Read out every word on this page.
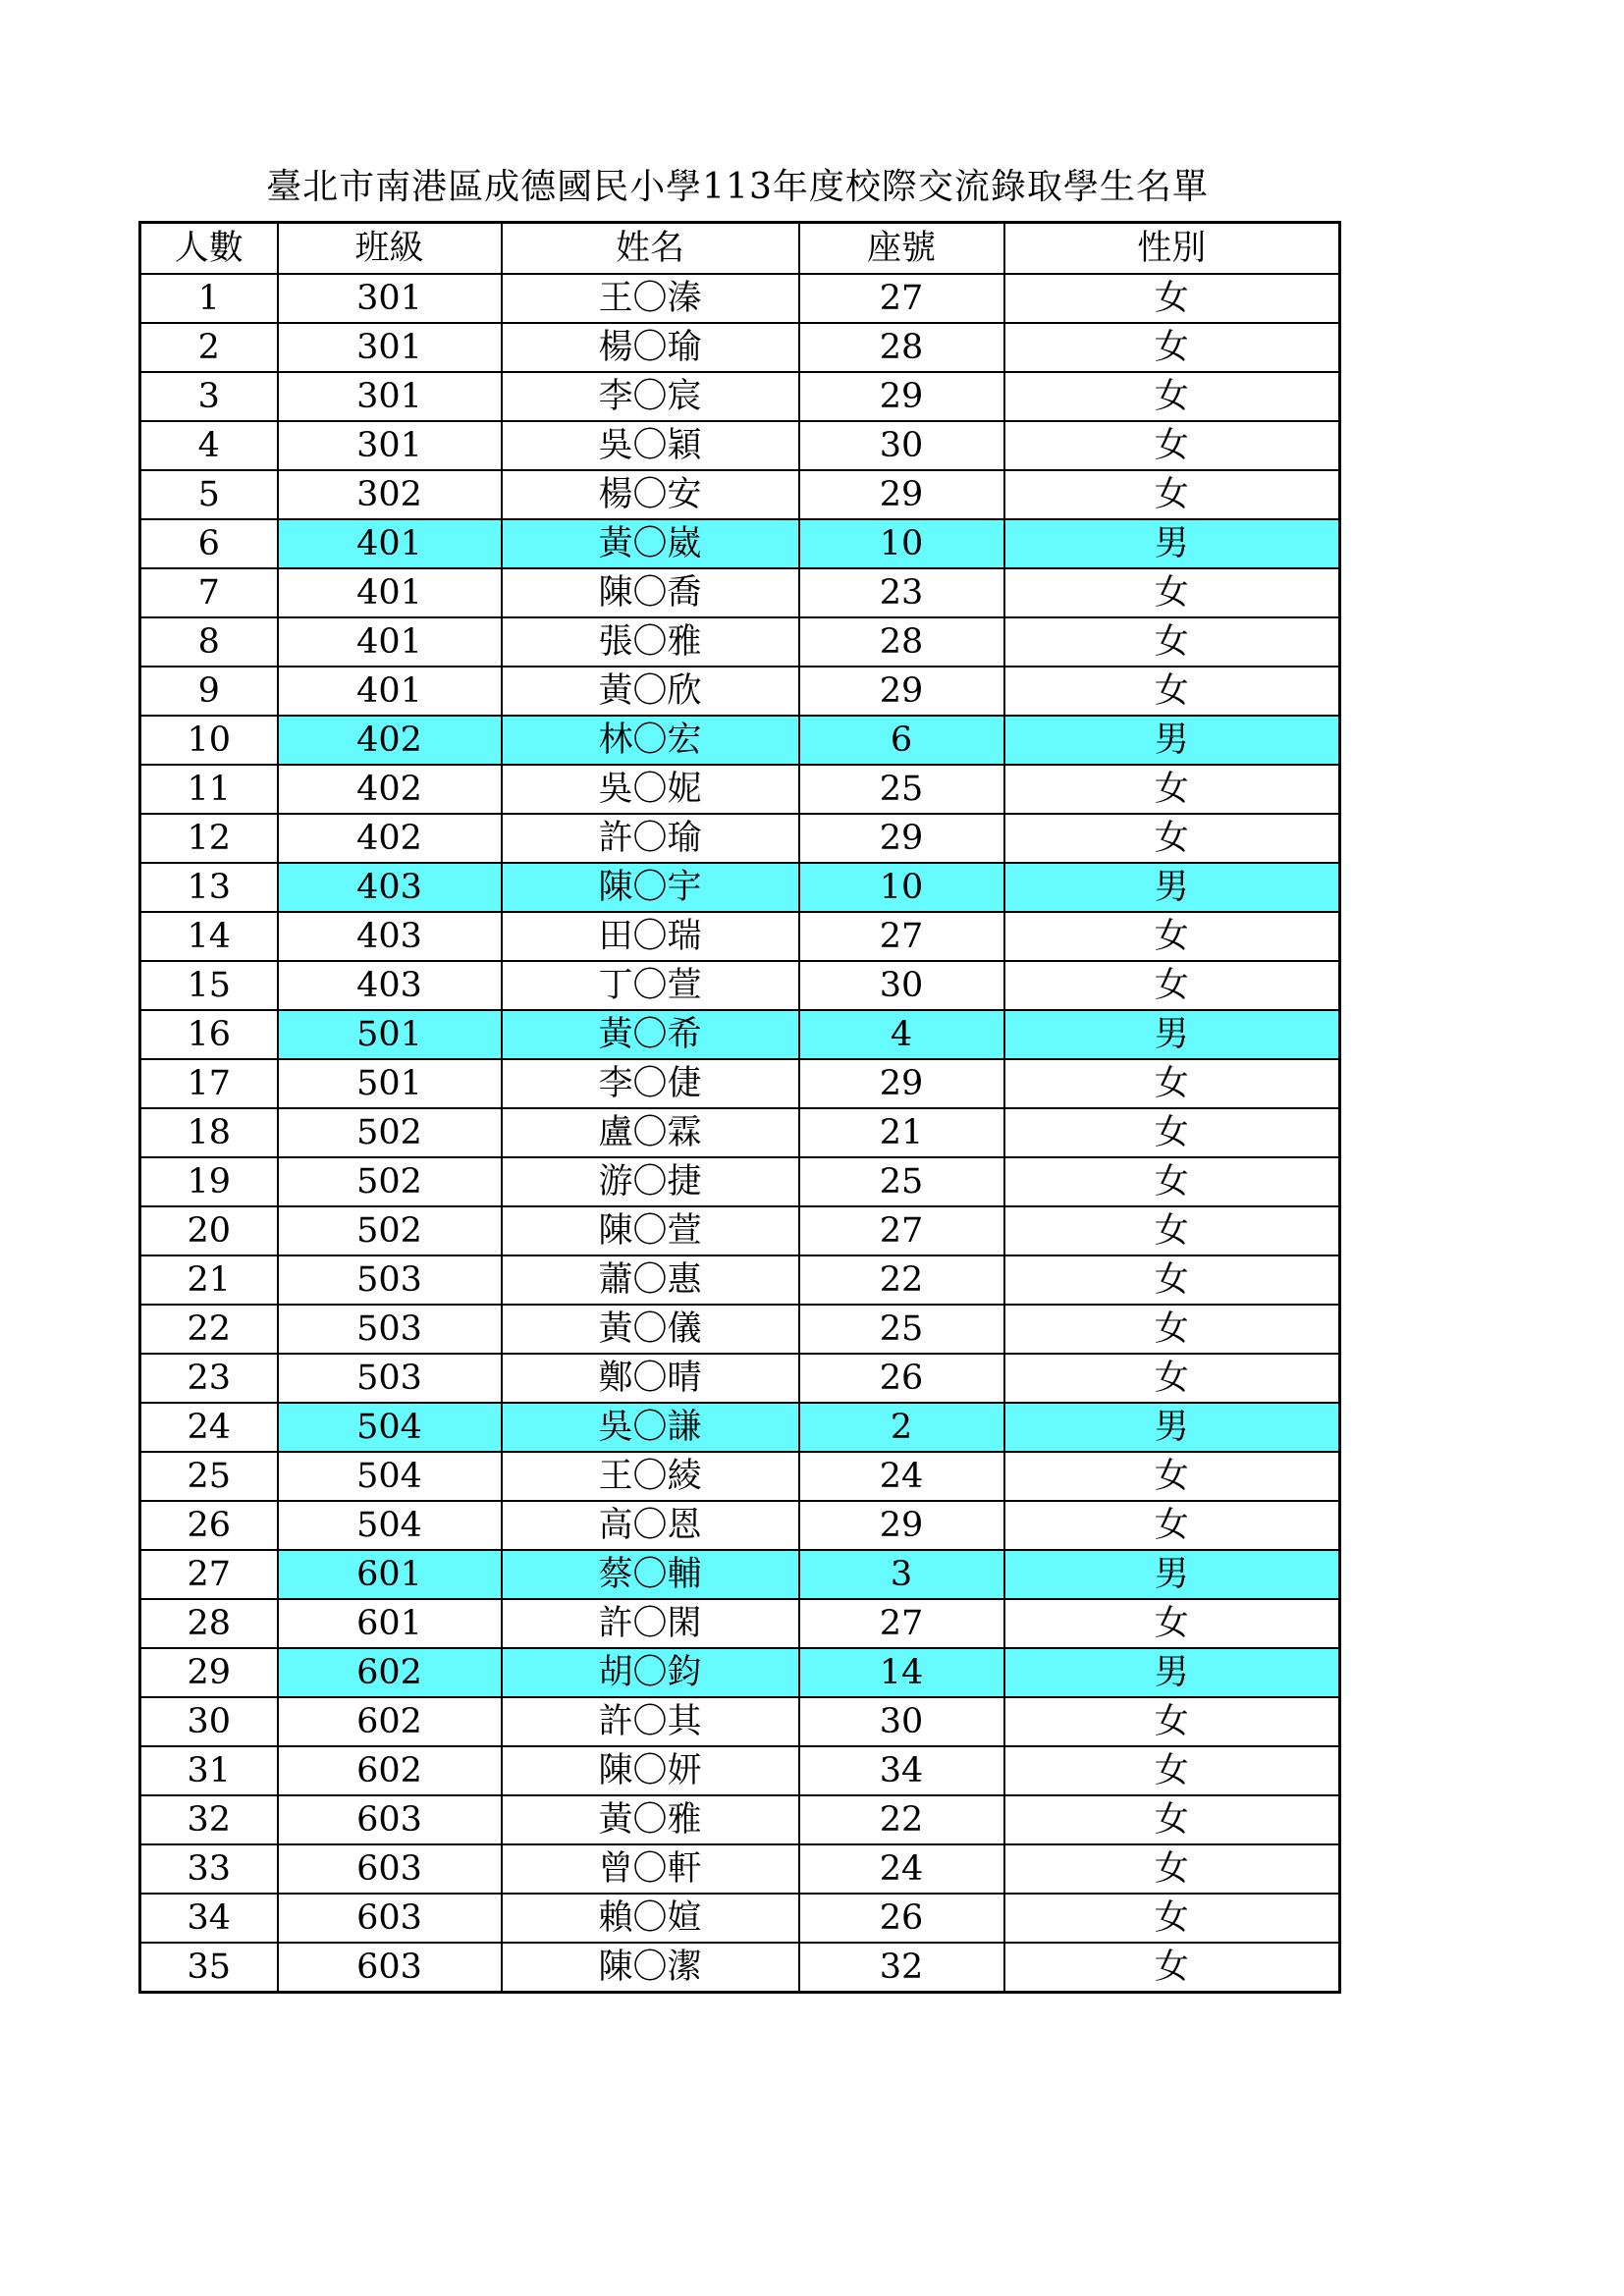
臺北市南港區成德國民小學113年度校際交流錄取學生名單
人數	班級	姓名	座號	性別
1	301	王〇溱	27	女
2	301	楊〇瑜	28	女
3	301	李〇宸	29	女
4	301	吳〇穎	30	女
5	302	楊〇安	29	女
6	401	黃〇崴	10	男
7	401	陳〇喬	23	女
8	401	張〇雅	28	女
9	401	黃〇欣	29	女
10	402	林〇宏	6	男
11	402	吳〇妮	25	女
12	402	許〇瑜	29	女
13	403	陳〇宇	10	男
14	403	田〇瑞	27	女
15	403	丁〇萱	30	女
16	501	黃〇希	4	男
17	501	李〇倢	29	女
18	502	盧〇霖	21	女
19	502	游〇捷	25	女
20	502	陳〇萱	27	女
21	503	蕭〇惠	22	女
22	503	黃〇儀	25	女
23	503	鄭〇晴	26	女
24	504	吳〇謙	2	男
25	504	王〇綾	24	女
26	504	高〇恩	29	女
27	601	蔡〇輔	3	男
28	601	許〇閑	27	女
29	602	胡〇鈞	14	男
30	602	許〇其	30	女
31	602	陳〇妍	34	女
32	603	黃〇雅	22	女
33	603	曾〇軒	24	女
34	603	賴〇媗	26	女
35	603	陳〇潔	32	女
